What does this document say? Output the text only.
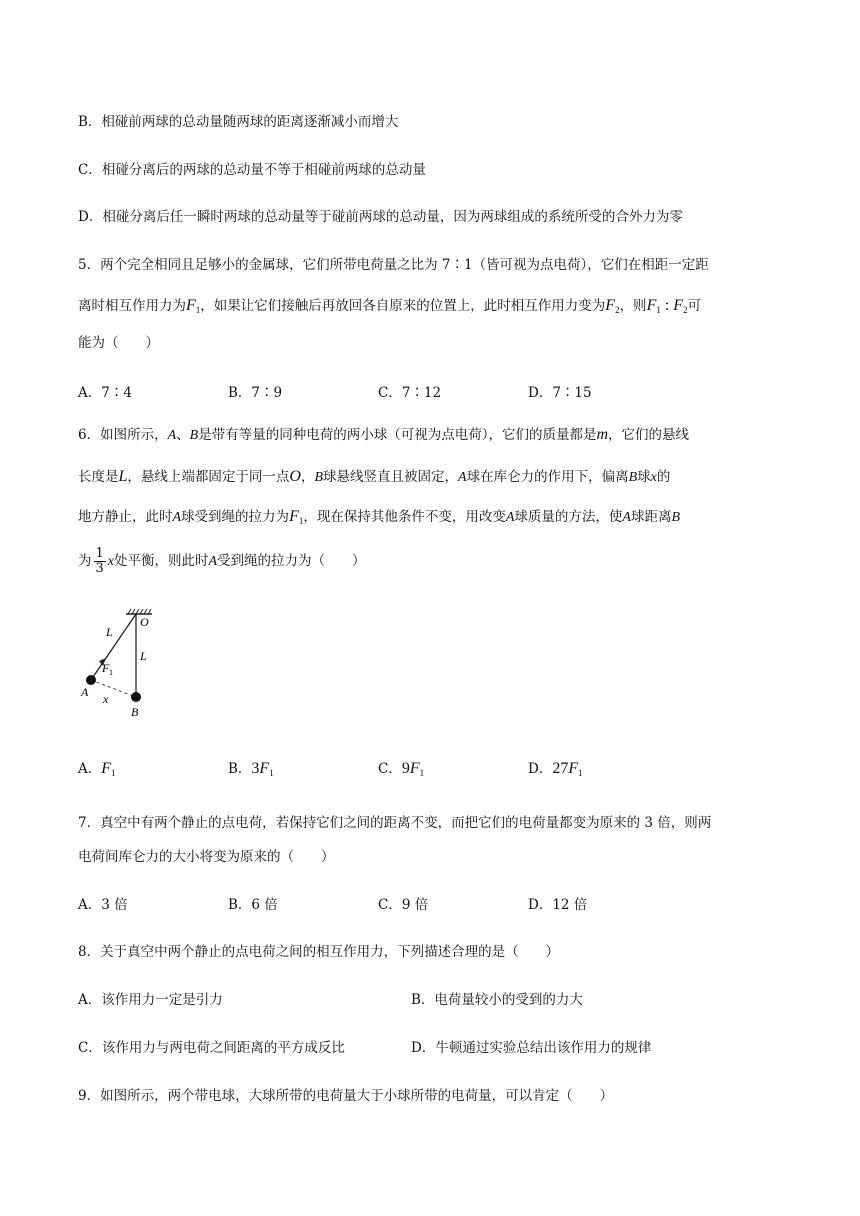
B．相碰前两球的总动量随两球的距离逐渐减小而增大
C．相碰分离后的两球的总动量不等于相碰前两球的总动量
D．相碰分离后任一瞬时两球的总动量等于碰前两球的总动量，因为两球组成的系统所受的合外力为零
5．两个完全相同且足够小的金属球，它们所带电荷量之比为 7∶1（皆可视为点电荷），它们在相距一定距
离时相互作用力为$F_1$，如果让它们接触后再放回各自原来的位置上，此时相互作用力变为$F_2$，则$F_1$ : $F_2$可
能为（　　）
A．7∶4	B．7∶9	C．7∶12	D．7∶15
6．如图所示，A、B是带有等量的同种电荷的两小球（可视为点电荷），它们的质量都是m，它们的悬线
长度是L，悬线上端都固定于同一点O，B球悬线竖直且被固定，A球在库仑力的作用下，偏离B球x的
地方静止，此时A球受到绳的拉力为$F_1$，现在保持其他条件不变，用改变A球质量的方法，使A球距离B
为 $\frac{1}{3}$ x处平衡，则此时A受到绳的拉力为（　　）
O
L
L
F 1
A x
B
A．$F_1$	B．$3F_1$	C．$9F_1$	D．$27F_1$
7．真空中有两个静止的点电荷，若保持它们之间的距离不变，而把它们的电荷量都变为原来的 3 倍，则两
电荷间库仑力的大小将变为原来的（　　）
A．3 倍	B．6 倍	C．9 倍	D．12 倍
8．关于真空中两个静止的点电荷之间的相互作用力，下列描述合理的是（　　）
A．该作用力一定是引力	B．电荷量较小的受到的力大
C．该作用力与两电荷之间距离的平方成反比	D．牛顿通过实验总结出该作用力的规律
9．如图所示，两个带电球，大球所带的电荷量大于小球所带的电荷量，可以肯定（　　）
